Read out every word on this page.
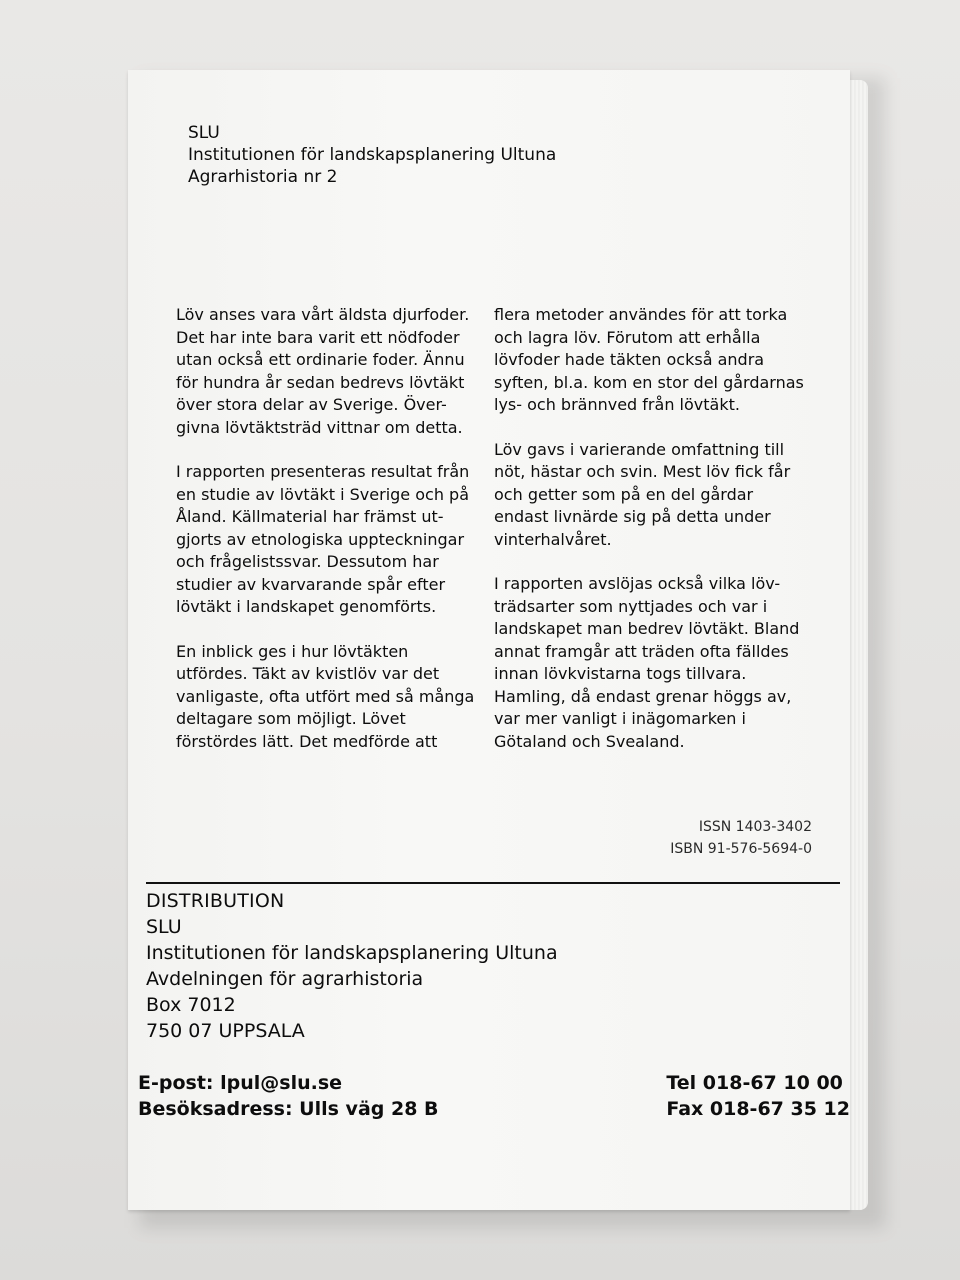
SLU
Institutionen för landskapsplanering Ultuna
Agrarhistoria nr 2

Löv anses vara vårt äldsta djurfoder.
Det har inte bara varit ett nödfoder
utan också ett ordinarie foder. Ännu
för hundra år sedan bedrevs lövtäkt
över stora delar av Sverige. Över-
givna lövtäktsträd vittnar om detta.

I rapporten presenteras resultat från
en studie av lövtäkt i Sverige och på
Åland. Källmaterial har främst ut-
gjorts av etnologiska uppteckningar
och frågelistssvar. Dessutom har
studier av kvarvarande spår efter
lövtäkt i landskapet genomförts.

En inblick ges i hur lövtäkten
utfördes. Täkt av kvistlöv var det
vanligaste, ofta utfört med så många
deltagare som möjligt. Lövet
förstördes lätt. Det medförde att

flera metoder användes för att torka
och lagra löv. Förutom att erhålla
lövfoder hade täkten också andra
syften, bl.a. kom en stor del gårdarnas
lys- och brännved från lövtäkt.

Löv gavs i varierande omfattning till
nöt, hästar och svin. Mest löv fick får
och getter som på en del gårdar
endast livnärde sig på detta under
vinterhalvåret.

I rapporten avslöjas också vilka löv-
trädsarter som nyttjades och var i
landskapet man bedrev lövtäkt. Bland
annat framgår att träden ofta fälldes
innan lövkvistarna togs tillvara.
Hamling, då endast grenar höggs av,
var mer vanligt i inägomarken i
Götaland och Svealand.

ISSN 1403-3402
ISBN 91-576-5694-0
DISTRIBUTION
SLU
Institutionen för landskapsplanering Ultuna
Avdelningen för agrarhistoria
Box 7012
750 07 UPPSALA
E-post: lpul@slu.se
Besöksadress: Ulls väg 28 B
Tel 018-67 10 00
Fax 018-67 35 12
